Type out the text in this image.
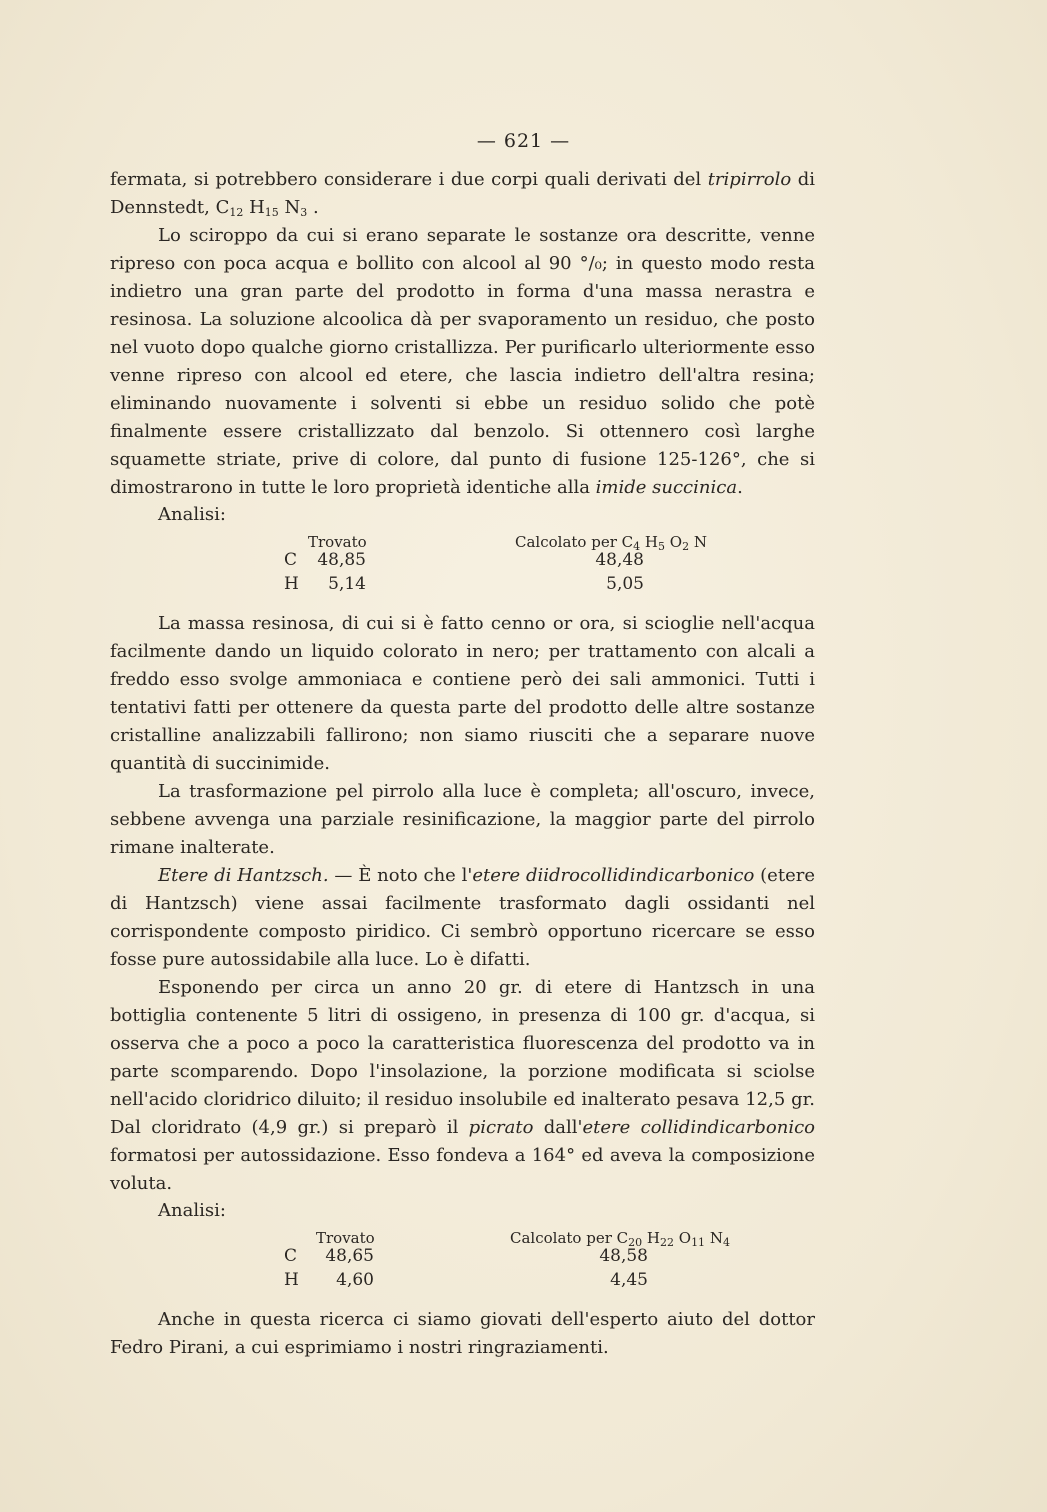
— 621 —

fermata, si potrebbero considerare i due corpi quali derivati del tripirrolo di Dennstedt, $C_{12}$ $H_{15}$ $N_3$ .

Lo sciroppo da cui si erano separate le sostanze ora descritte, venne ripreso con poca acqua e bollito con alcool al 90 °/₀; in questo modo resta indietro una gran parte del prodotto in forma d'una massa nerastra e resinosa. La soluzione alcoolica dà per svaporamento un residuo, che posto nel vuoto dopo qualche giorno cristallizza. Per purificarlo ulteriormente esso venne ripreso con alcool ed etere, che lascia indietro dell'altra resina; eliminando nuovamente i solventi si ebbe un residuo solido che potè finalmente essere cristallizzato dal benzolo. Si ottennero così larghe squamette striate, prive di colore, dal punto di fusione 125-126°, che si dimostrarono in tutte le loro proprietà identiche alla imide succinica.

Analisi:

Trovato	Calcolato per $C_4$ $H_5$ $O_2$ N
C	48,85	48,48
H	5,14	5,05

La massa resinosa, di cui si è fatto cenno or ora, si scioglie nell'acqua facilmente dando un liquido colorato in nero; per trattamento con alcali a freddo esso svolge ammoniaca e contiene però dei sali ammonici. Tutti i tentativi fatti per ottenere da questa parte del prodotto delle altre sostanze cristalline analizzabili fallirono; non siamo riusciti che a separare nuove quantità di succinimide.

La trasformazione pel pirrolo alla luce è completa; all'oscuro, invece, sebbene avvenga una parziale resinificazione, la maggior parte del pirrolo rimane inalterate.

Etere di Hantzsch. — È noto che l'etere diidrocollidindicarbonico (etere di Hantzsch) viene assai facilmente trasformato dagli ossidanti nel corrispondente composto piridico. Ci sembrò opportuno ricercare se esso fosse pure autossidabile alla luce. Lo è difatti.

Esponendo per circa un anno 20 gr. di etere di Hantzsch in una bottiglia contenente 5 litri di ossigeno, in presenza di 100 gr. d'acqua, si osserva che a poco a poco la caratteristica fluorescenza del prodotto va in parte scomparendo. Dopo l'insolazione, la porzione modificata si sciolse nell'acido cloridrico diluito; il residuo insolubile ed inalterato pesava 12,5 gr. Dal cloridrato (4,9 gr.) si preparò il picrato dall'etere collidindicarbonico formatosi per autossidazione. Esso fondeva a 164° ed aveva la composizione voluta.

Analisi:

Trovato	Calcolato per $C_{20}$ $H_{22}$ $O_{11}$ $N_4$
C	48,65	48,58
H	4,60	4,45

Anche in questa ricerca ci siamo giovati dell'esperto aiuto del dottor Fedro Pirani, a cui esprimiamo i nostri ringraziamenti.
